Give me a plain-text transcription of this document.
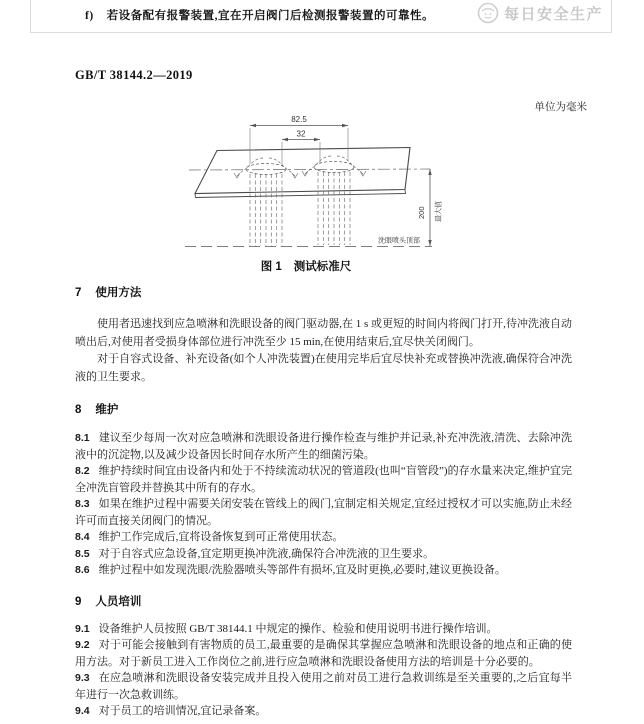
f) 若设备配有报警装置,宜在开启阀门后检测报警装置的可靠性。	每日安全生产
GB/T 38144.2—2019
单位为毫米
82.5
32
200 最大值
洗眼喷头顶部
图 1 测试标准尺
7 使用方法

使用者迅速找到应急喷淋和洗眼设备的阀门驱动器,在 1 s 或更短的时间内将阀门打开,待冲洗液自动喷出后,对使用者受损身体部位进行冲洗至少 15 min,在使用结束后,宜尽快关闭阀门。

对于自容式设备、补充设备(如个人冲洗装置)在使用完毕后宜尽快补充或替换冲洗液,确保符合冲洗液的卫生要求。

8 维护

8.1 建议至少每周一次对应急喷淋和洗眼设备进行操作检查与维护并记录,补充冲洗液,清洗、去除冲洗液中的沉淀物,以及减少设备因长时间存水所产生的细菌污染。

8.2 维护持续时间宜由设备内和处于不持续流动状况的管道段(也叫“盲管段”)的存水量来决定,维护宜完全冲洗盲管段并替换其中所有的存水。

8.3 如果在维护过程中需要关闭安装在管线上的阀门,宜制定相关规定,宜经过授权才可以实施,防止未经许可而直接关闭阀门的情况。

8.4 维护工作完成后,宜将设备恢复到可正常使用状态。

8.5 对于自容式应急设备,宜定期更换冲洗液,确保符合冲洗液的卫生要求。

8.6 维护过程中如发现洗眼/洗脸器喷头等部件有损坏,宜及时更换,必要时,建议更换设备。

9 人员培训

9.1 设备维护人员按照 GB/T 38144.1 中规定的操作、检验和使用说明书进行操作培训。

9.2 对于可能会接触到有害物质的员工,最重要的是确保其掌握应急喷淋和洗眼设备的地点和正确的使用方法。对于新员工进入工作岗位之前,进行应急喷淋和洗眼设备使用方法的培训是十分必要的。

9.3 在应急喷淋和洗眼设备安装完成并且投入使用之前对员工进行急救训练是至关重要的,之后宜每半年进行一次急救训练。

9.4 对于员工的培训情况,宜记录备案。
